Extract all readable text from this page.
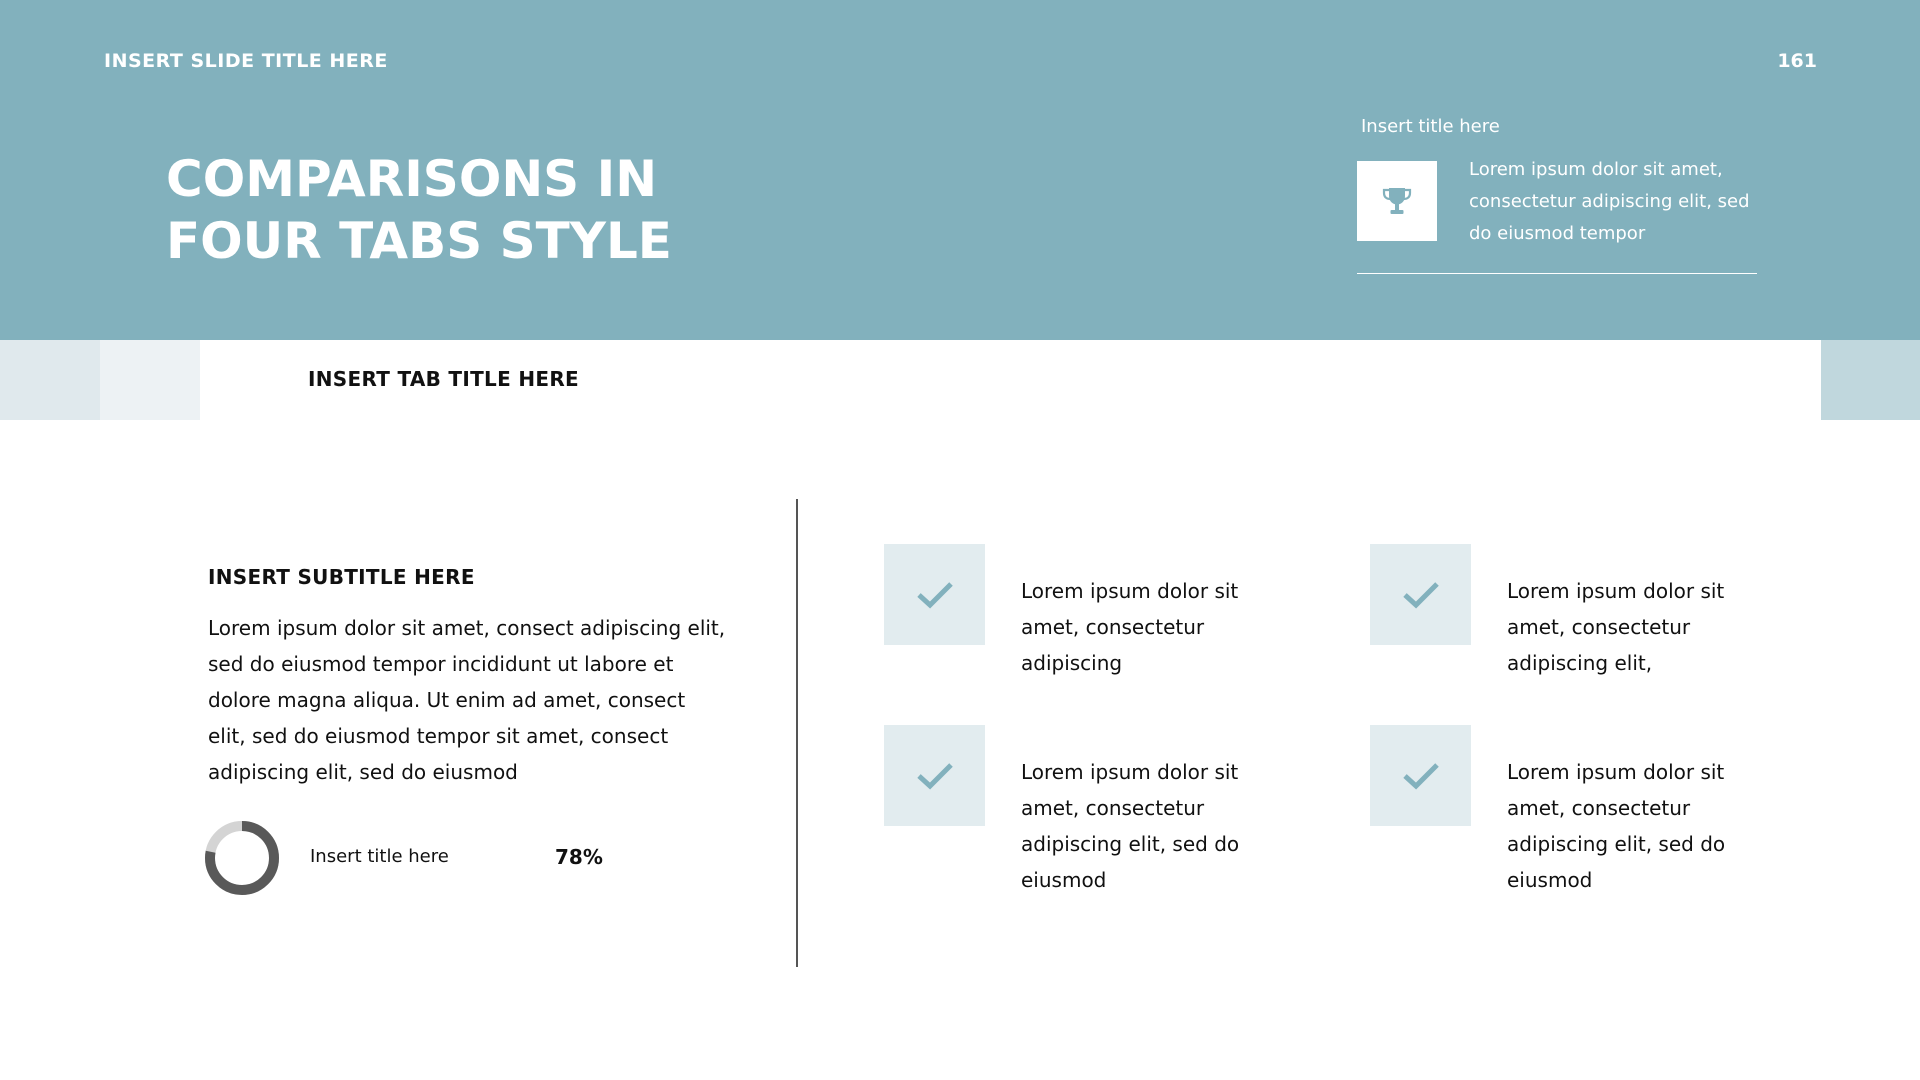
INSERT SLIDE TITLE HERE	161
COMPARISONS IN
FOUR TABS STYLE
Insert title here
Lorem ipsum dolor sit amet, consectetur adipiscing elit, sed do eiusmod tempor
INSERT TAB TITLE HERE
INSERT SUBTITLE HERE
Lorem ipsum dolor sit amet, consect adipiscing elit, sed do eiusmod tempor incididunt ut labore et dolore magna aliqua. Ut enim ad amet, consect elit, sed do eiusmod tempor sit amet, consect adipiscing elit, sed do eiusmod
Insert title here	78%
Lorem ipsum dolor sit amet, consectetur adipiscing
Lorem ipsum dolor sit amet, consectetur adipiscing elit,
Lorem ipsum dolor sit amet, consectetur adipiscing elit, sed do eiusmod
Lorem ipsum dolor sit amet, consectetur adipiscing elit, sed do eiusmod
